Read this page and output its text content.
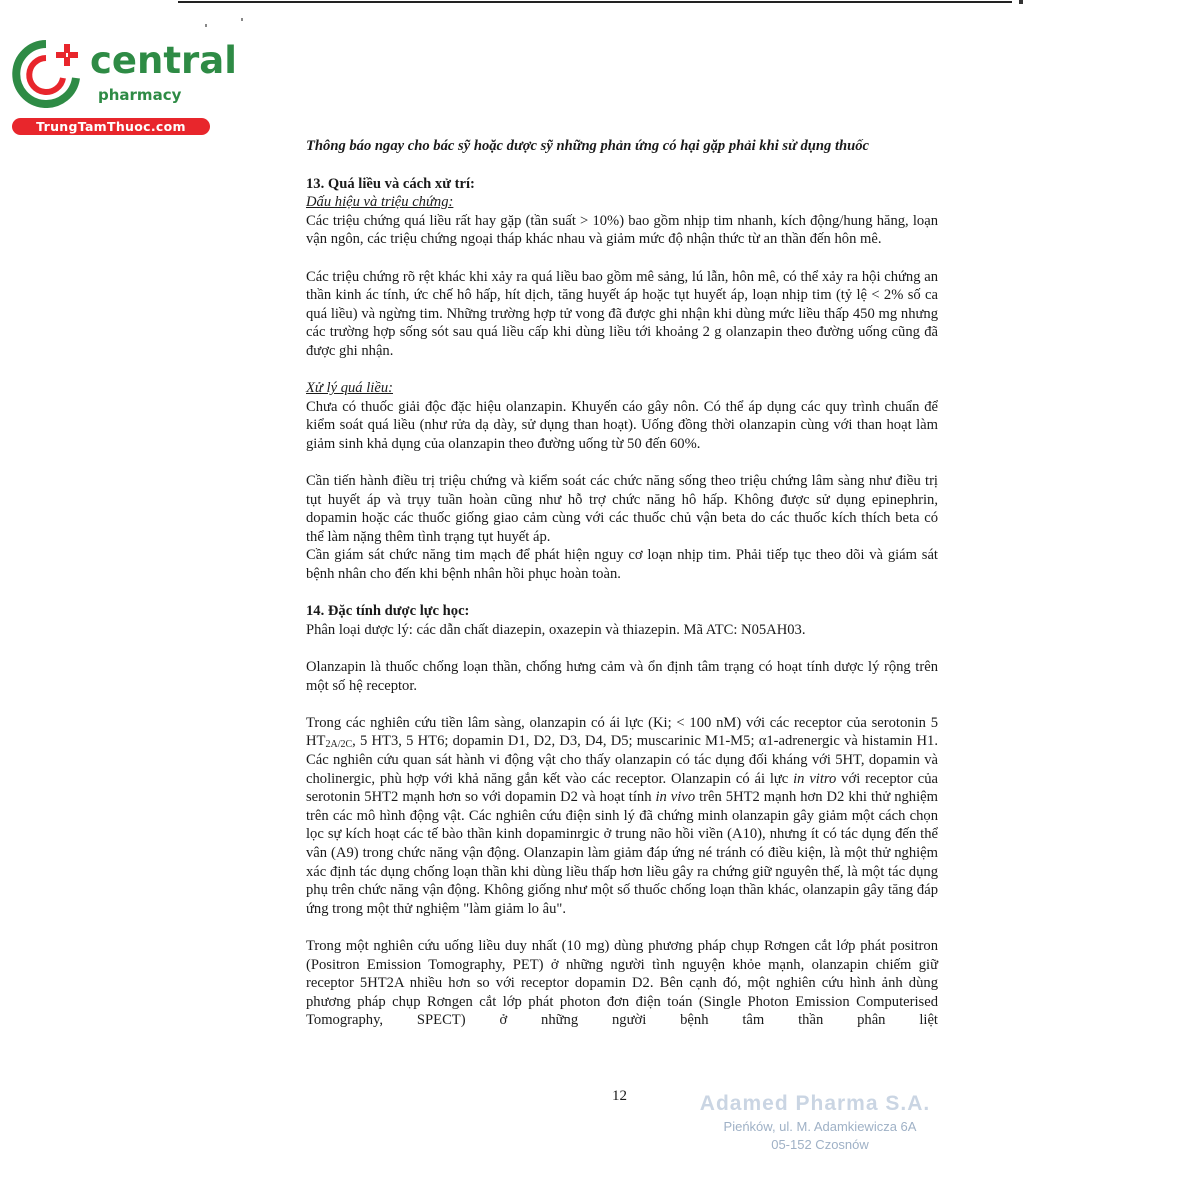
central
pharmacy
TrungTamThuoc.com

Thông báo ngay cho bác sỹ hoặc dược sỹ những phản ứng có hại gặp phải khi sử dụng thuốc

13. Quá liều và cách xử trí:

Dấu hiệu và triệu chứng:

Các triệu chứng quá liều rất hay gặp (tần suất > 10%) bao gồm nhịp tim nhanh, kích động/hung hăng, loạn vận ngôn, các triệu chứng ngoại tháp khác nhau và giảm mức độ nhận thức từ an thần đến hôn mê.

Các triệu chứng rõ rệt khác khi xảy ra quá liều bao gồm mê sảng, lú lẫn, hôn mê, có thể xảy ra hội chứng an thần kinh ác tính, ức chế hô hấp, hít dịch, tăng huyết áp hoặc tụt huyết áp, loạn nhịp tim (tỷ lệ < 2% số ca quá liều) và ngừng tim. Những trường hợp tử vong đã được ghi nhận khi dùng mức liều thấp 450 mg nhưng các trường hợp sống sót sau quá liều cấp khi dùng liều tới khoảng 2 g olanzapin theo đường uống cũng đã được ghi nhận.

Xử lý quá liều:

Chưa có thuốc giải độc đặc hiệu olanzapin. Khuyến cáo gây nôn. Có thể áp dụng các quy trình chuẩn để kiểm soát quá liều (như rửa dạ dày, sử dụng than hoạt). Uống đồng thời olanzapin cùng với than hoạt làm giảm sinh khả dụng của olanzapin theo đường uống từ 50 đến 60%.

Cần tiến hành điều trị triệu chứng và kiểm soát các chức năng sống theo triệu chứng lâm sàng như điều trị tụt huyết áp và trụy tuần hoàn cũng như hỗ trợ chức năng hô hấp. Không được sử dụng epinephrin, dopamin hoặc các thuốc giống giao cảm cùng với các thuốc chủ vận beta do các thuốc kích thích beta có thể làm nặng thêm tình trạng tụt huyết áp.

Cần giám sát chức năng tim mạch để phát hiện nguy cơ loạn nhịp tim. Phải tiếp tục theo dõi và giám sát bệnh nhân cho đến khi bệnh nhân hồi phục hoàn toàn.

14. Đặc tính dược lực học:

Phân loại dược lý: các dẫn chất diazepin, oxazepin và thiazepin. Mã ATC: N05AH03.

Olanzapin là thuốc chống loạn thần, chống hưng cảm và ổn định tâm trạng có hoạt tính dược lý rộng trên một số hệ receptor.

Trong các nghiên cứu tiền lâm sàng, olanzapin có ái lực (Ki; < 100 nM) với các receptor của serotonin 5 $HT_{2A/2C}$, 5 HT3, 5 HT6; dopamin D1, D2, D3, D4, D5; muscarinic M1-M5; α1-adrenergic và histamin H1. Các nghiên cứu quan sát hành vi động vật cho thấy olanzapin có tác dụng đối kháng với 5HT, dopamin và cholinergic, phù hợp với khả năng gắn kết vào các receptor. Olanzapin có ái lực in vitro với receptor của serotonin 5HT2 mạnh hơn so với dopamin D2 và hoạt tính in vivo trên 5HT2 mạnh hơn D2 khi thử nghiệm trên các mô hình động vật. Các nghiên cứu điện sinh lý đã chứng minh olanzapin gây giảm một cách chọn lọc sự kích hoạt các tế bào thần kinh dopaminrgic ở trung não hồi viền (A10), nhưng ít có tác dụng đến thể vân (A9) trong chức năng vận động. Olanzapin làm giảm đáp ứng né tránh có điều kiện, là một thử nghiệm xác định tác dụng chống loạn thần khi dùng liều thấp hơn liều gây ra chứng giữ nguyên thế, là một tác dụng phụ trên chức năng vận động. Không giống như một số thuốc chống loạn thần khác, olanzapin gây tăng đáp ứng trong một thử nghiệm "làm giảm lo âu".

Trong một nghiên cứu uống liều duy nhất (10 mg) dùng phương pháp chụp Rơngen cắt lớp phát positron (Positron Emission Tomography, PET) ở những người tình nguyện khỏe mạnh, olanzapin chiếm giữ receptor 5HT2A nhiều hơn so với receptor dopamin D2. Bên cạnh đó, một nghiên cứu hình ảnh dùng phương pháp chụp Rơngen cắt lớp phát photon đơn điện toán (Single Photon Emission Computerised Tomography, SPECT) ở những người bệnh tâm thần phân liệt

12	Adamed Pharma S.A.
Pieńków, ul. M. Adamkiewicza 6A
05-152 Czosnów
